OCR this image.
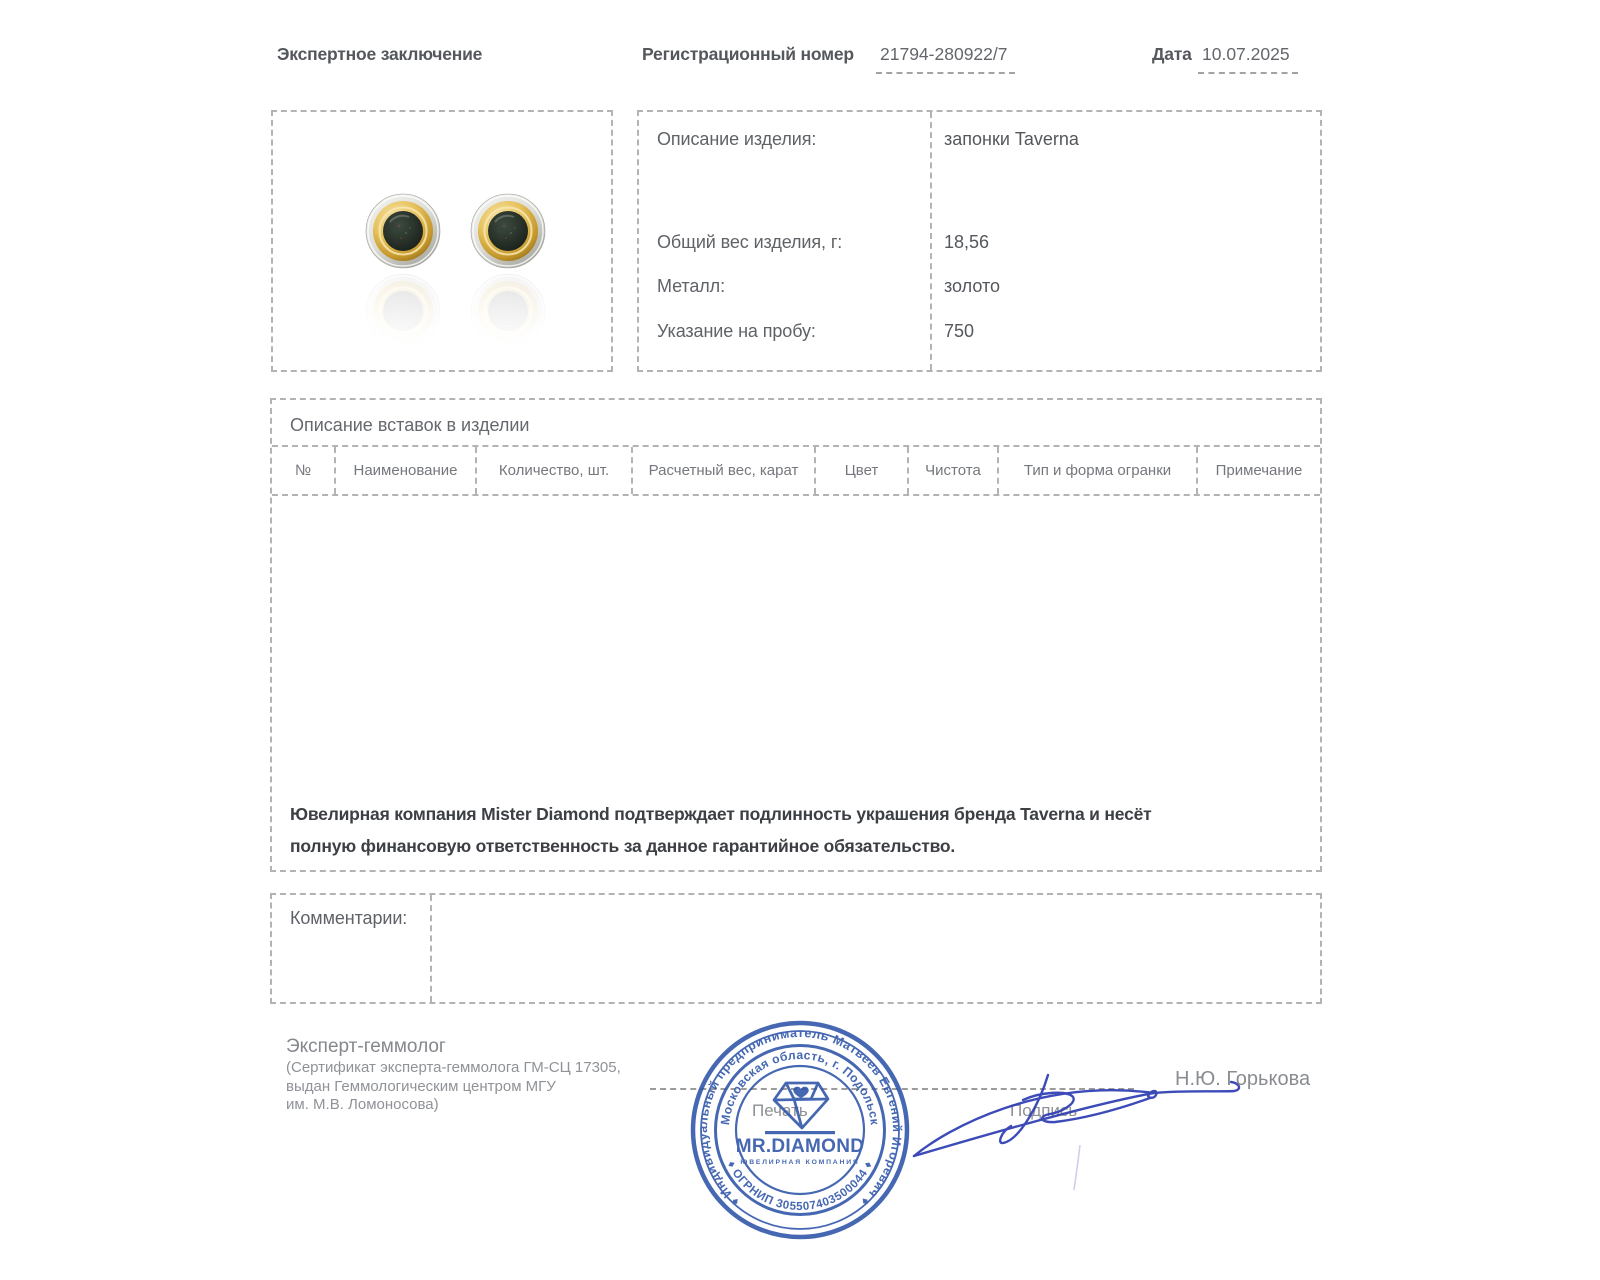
Экспертное заключение	Регистрационный номер 21794-280922/7	Дата 10.07.2025
Описание изделия:	запонки Taverna
Общий вес изделия, г:	18,56
Металл:	золото
Указание на пробу:	750
Описание вставок в изделии
№	Наименование	Количество, шт.	Расчетный вес, карат	Цвет	Чистота	Тип и форма огранки	Примечание
Ювелирная компания Mister Diamond подтверждает подлинность украшения бренда Taverna и несёт
полную финансовую ответственность за данное гарантийное обязательство.
Комментарии:
Эксперт-геммолог
(Сертификат эксперта-геммолога ГМ-СЦ 17305,
выдан Геммологическим центром МГУ
им. М.В. Ломоносова)	Печать
♦ Индивидуальный предприниматель Матвеев Евгений Игоревич ♦
Московская область, г. Подольск
♦ ОГРНИП 305507403500044 ♦
MR.DIAMOND
ЮВЕЛИРНАЯ КОМПАНИЯ
Подпись
Н.Ю. Горькова
